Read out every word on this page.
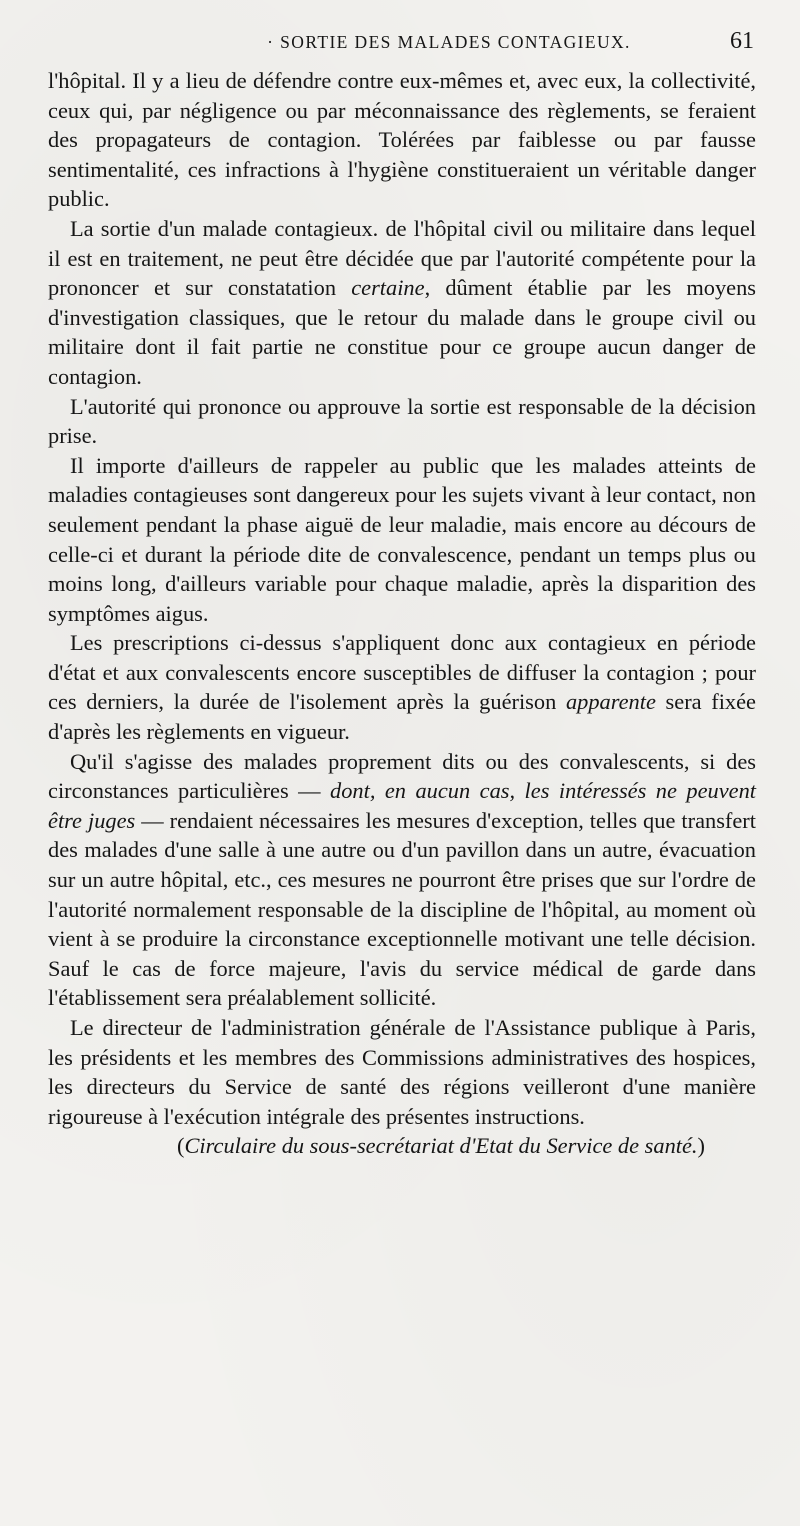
· SORTIE DES MALADES CONTAGIEUX.	61

l'hôpital. Il y a lieu de défendre contre eux-mêmes et, avec eux, la collectivité, ceux qui, par négligence ou par méconnaissance des règlements, se feraient des propagateurs de contagion. Tolérées par faiblesse ou par fausse sentimentalité, ces infractions à l'hygiène constitueraient un véritable danger public.

La sortie d'un malade contagieux. de l'hôpital civil ou militaire dans lequel il est en traitement, ne peut être décidée que par l'autorité compétente pour la prononcer et sur constatation certaine, dûment établie par les moyens d'investigation classiques, que le retour du malade dans le groupe civil ou militaire dont il fait partie ne constitue pour ce groupe aucun danger de contagion.

L'autorité qui prononce ou approuve la sortie est responsable de la décision prise.

Il importe d'ailleurs de rappeler au public que les malades atteints de maladies contagieuses sont dangereux pour les sujets vivant à leur contact, non seulement pendant la phase aiguë de leur maladie, mais encore au décours de celle-ci et durant la période dite de convalescence, pendant un temps plus ou moins long, d'ailleurs variable pour chaque maladie, après la disparition des symptômes aigus.

Les prescriptions ci-dessus s'appliquent donc aux contagieux en période d'état et aux convalescents encore susceptibles de diffuser la contagion ; pour ces derniers, la durée de l'isolement après la guérison apparente sera fixée d'après les règlements en vigueur.

Qu'il s'agisse des malades proprement dits ou des convalescents, si des circonstances particulières — dont, en aucun cas, les intéressés ne peuvent être juges — rendaient nécessaires les mesures d'exception, telles que transfert des malades d'une salle à une autre ou d'un pavillon dans un autre, évacuation sur un autre hôpital, etc., ces mesures ne pourront être prises que sur l'ordre de l'autorité normalement responsable de la discipline de l'hôpital, au moment où vient à se produire la circonstance exceptionnelle motivant une telle décision. Sauf le cas de force majeure, l'avis du service médical de garde dans l'établissement sera préalablement sollicité.

Le directeur de l'administration générale de l'Assistance publique à Paris, les présidents et les membres des Commissions administratives des hospices, les directeurs du Service de santé des régions veilleront d'une manière rigoureuse à l'exécution intégrale des présentes instructions.

(Circulaire du sous-secrétariat d'Etat du Service de santé.)
